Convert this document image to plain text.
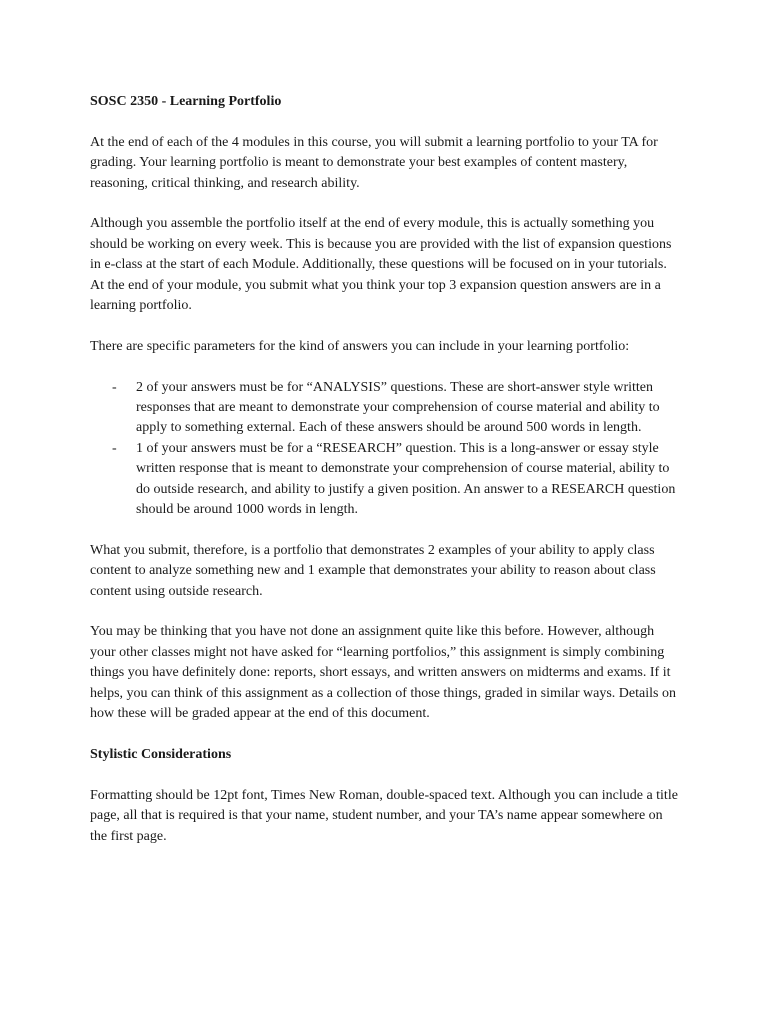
SOSC 2350 - Learning Portfolio

At the end of each of the 4 modules in this course, you will submit a learning portfolio to your TA for grading. Your learning portfolio is meant to demonstrate your best examples of content mastery, reasoning, critical thinking, and research ability.

Although you assemble the portfolio itself at the end of every module, this is actually something you should be working on every week. This is because you are provided with the list of expansion questions in e-class at the start of each Module. Additionally, these questions will be focused on in your tutorials. At the end of your module, you submit what you think your top 3 expansion question answers are in a learning portfolio.

There are specific parameters for the kind of answers you can include in your learning portfolio:

- 2 of your answers must be for “ANALYSIS” questions. These are short-answer style written responses that are meant to demonstrate your comprehension of course material and ability to apply to something external. Each of these answers should be around 500 words in length.
- 1 of your answers must be for a “RESEARCH” question. This is a long-answer or essay style written response that is meant to demonstrate your comprehension of course material, ability to do outside research, and ability to justify a given position. An answer to a RESEARCH question should be around 1000 words in length.

What you submit, therefore, is a portfolio that demonstrates 2 examples of your ability to apply class content to analyze something new and 1 example that demonstrates your ability to reason about class content using outside research.

You may be thinking that you have not done an assignment quite like this before. However, although your other classes might not have asked for “learning portfolios,” this assignment is simply combining things you have definitely done: reports, short essays, and written answers on midterms and exams. If it helps, you can think of this assignment as a collection of those things, graded in similar ways. Details on how these will be graded appear at the end of this document.

Stylistic Considerations

Formatting should be 12pt font, Times New Roman, double-spaced text. Although you can include a title page, all that is required is that your name, student number, and your TA’s name appear somewhere on the first page.
